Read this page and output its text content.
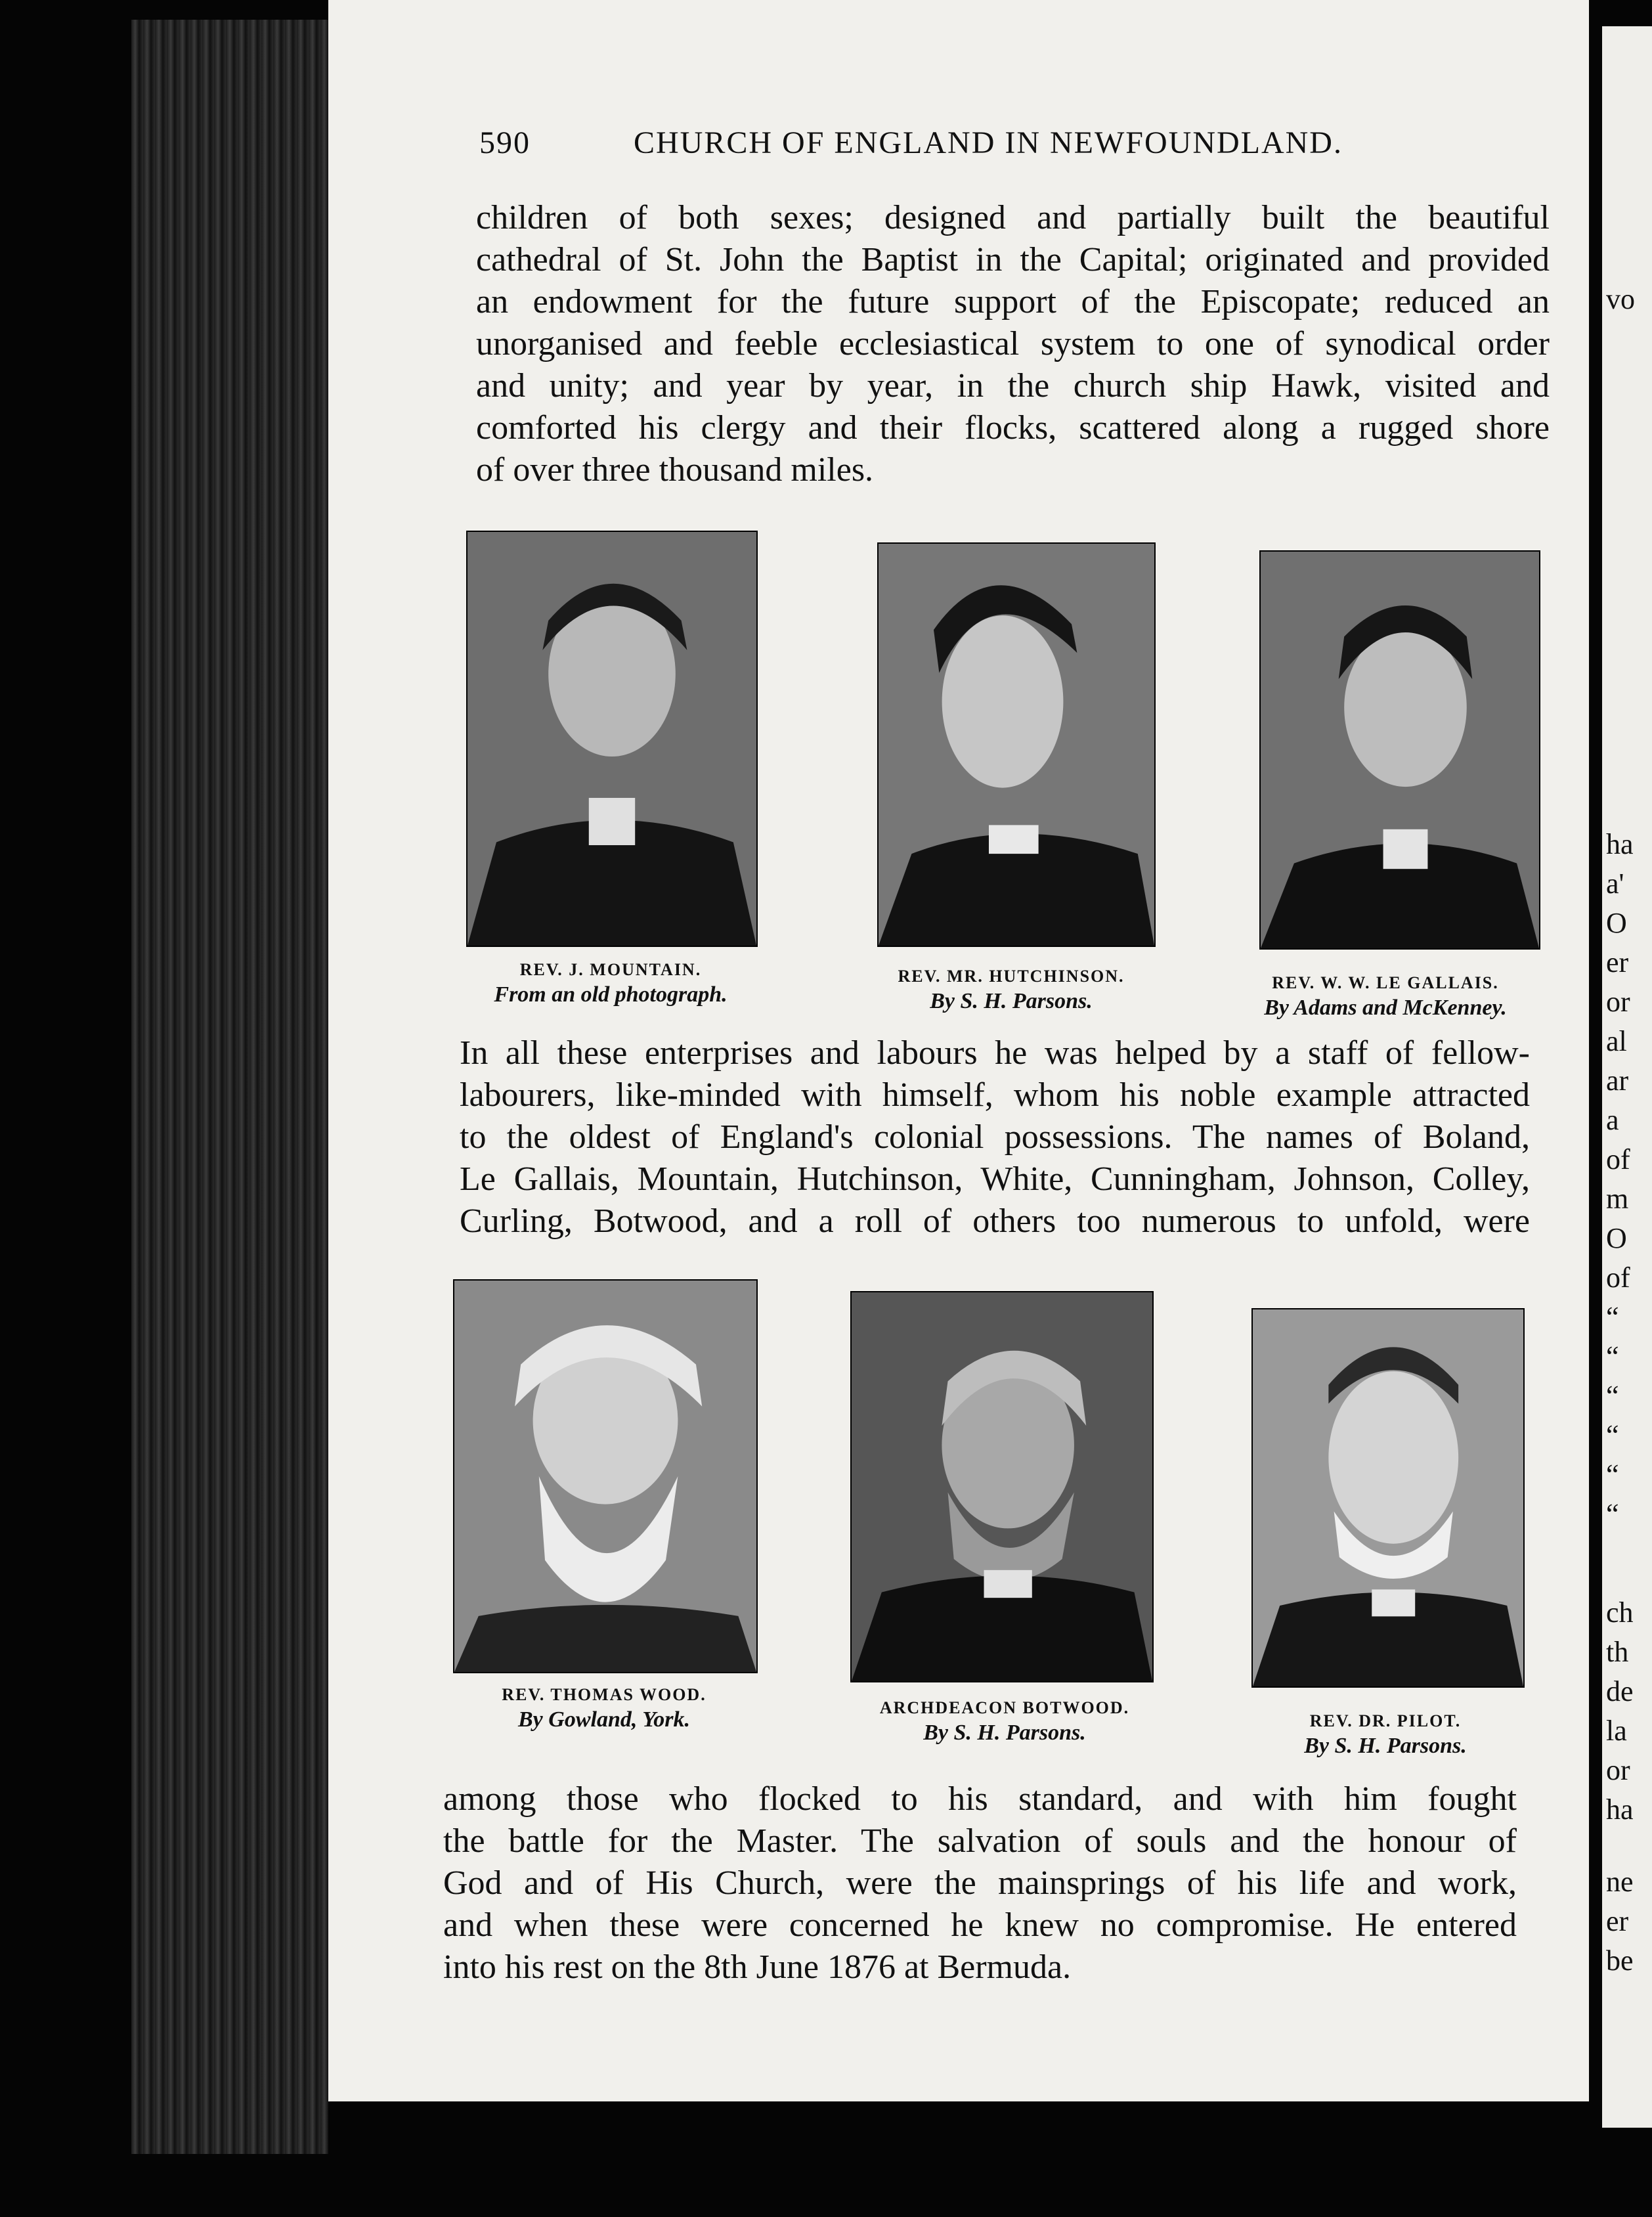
vo
ha
a'
O
er
or
al
ar
a
of
m
O
of
“
“
“
“
“
“
ch
th
de
la
or
ha
ne
er
be
590	CHURCH OF ENGLAND IN NEWFOUNDLAND.
children of both sexes; designed and partially built the beautiful
cathedral of St. John the Baptist in the Capital; originated and provided
an endowment for the future support of the Episcopate; reduced an
unorganised and feeble ecclesiastical system to one of synodical order
and unity; and year by year, in the church ship Hawk, visited and
comforted his clergy and their flocks, scattered along a rugged shore
of over three thousand miles.
REV. J. MOUNTAIN.
From an old photograph.
REV. MR. HUTCHINSON.
By S. H. Parsons.
REV. W. W. LE GALLAIS.
By Adams and McKenney.
In all these enterprises and labours he was helped by a staff of fellow-
labourers, like-minded with himself, whom his noble example attracted
to the oldest of England's colonial possessions. The names of Boland,
Le Gallais, Mountain, Hutchinson, White, Cunningham, Johnson, Colley,
Curling, Botwood, and a roll of others too numerous to unfold, were
REV. THOMAS WOOD.
By Gowland, York.	ARCHDEACON BOTWOOD.
By S. H. Parsons.	REV. DR. PILOT.
By S. H. Parsons.
among those who flocked to his standard, and with him fought
the battle for the Master. The salvation of souls and the honour of
God and of His Church, were the mainsprings of his life and work,
and when these were concerned he knew no compromise. He entered
into his rest on the 8th June 1876 at Bermuda.
